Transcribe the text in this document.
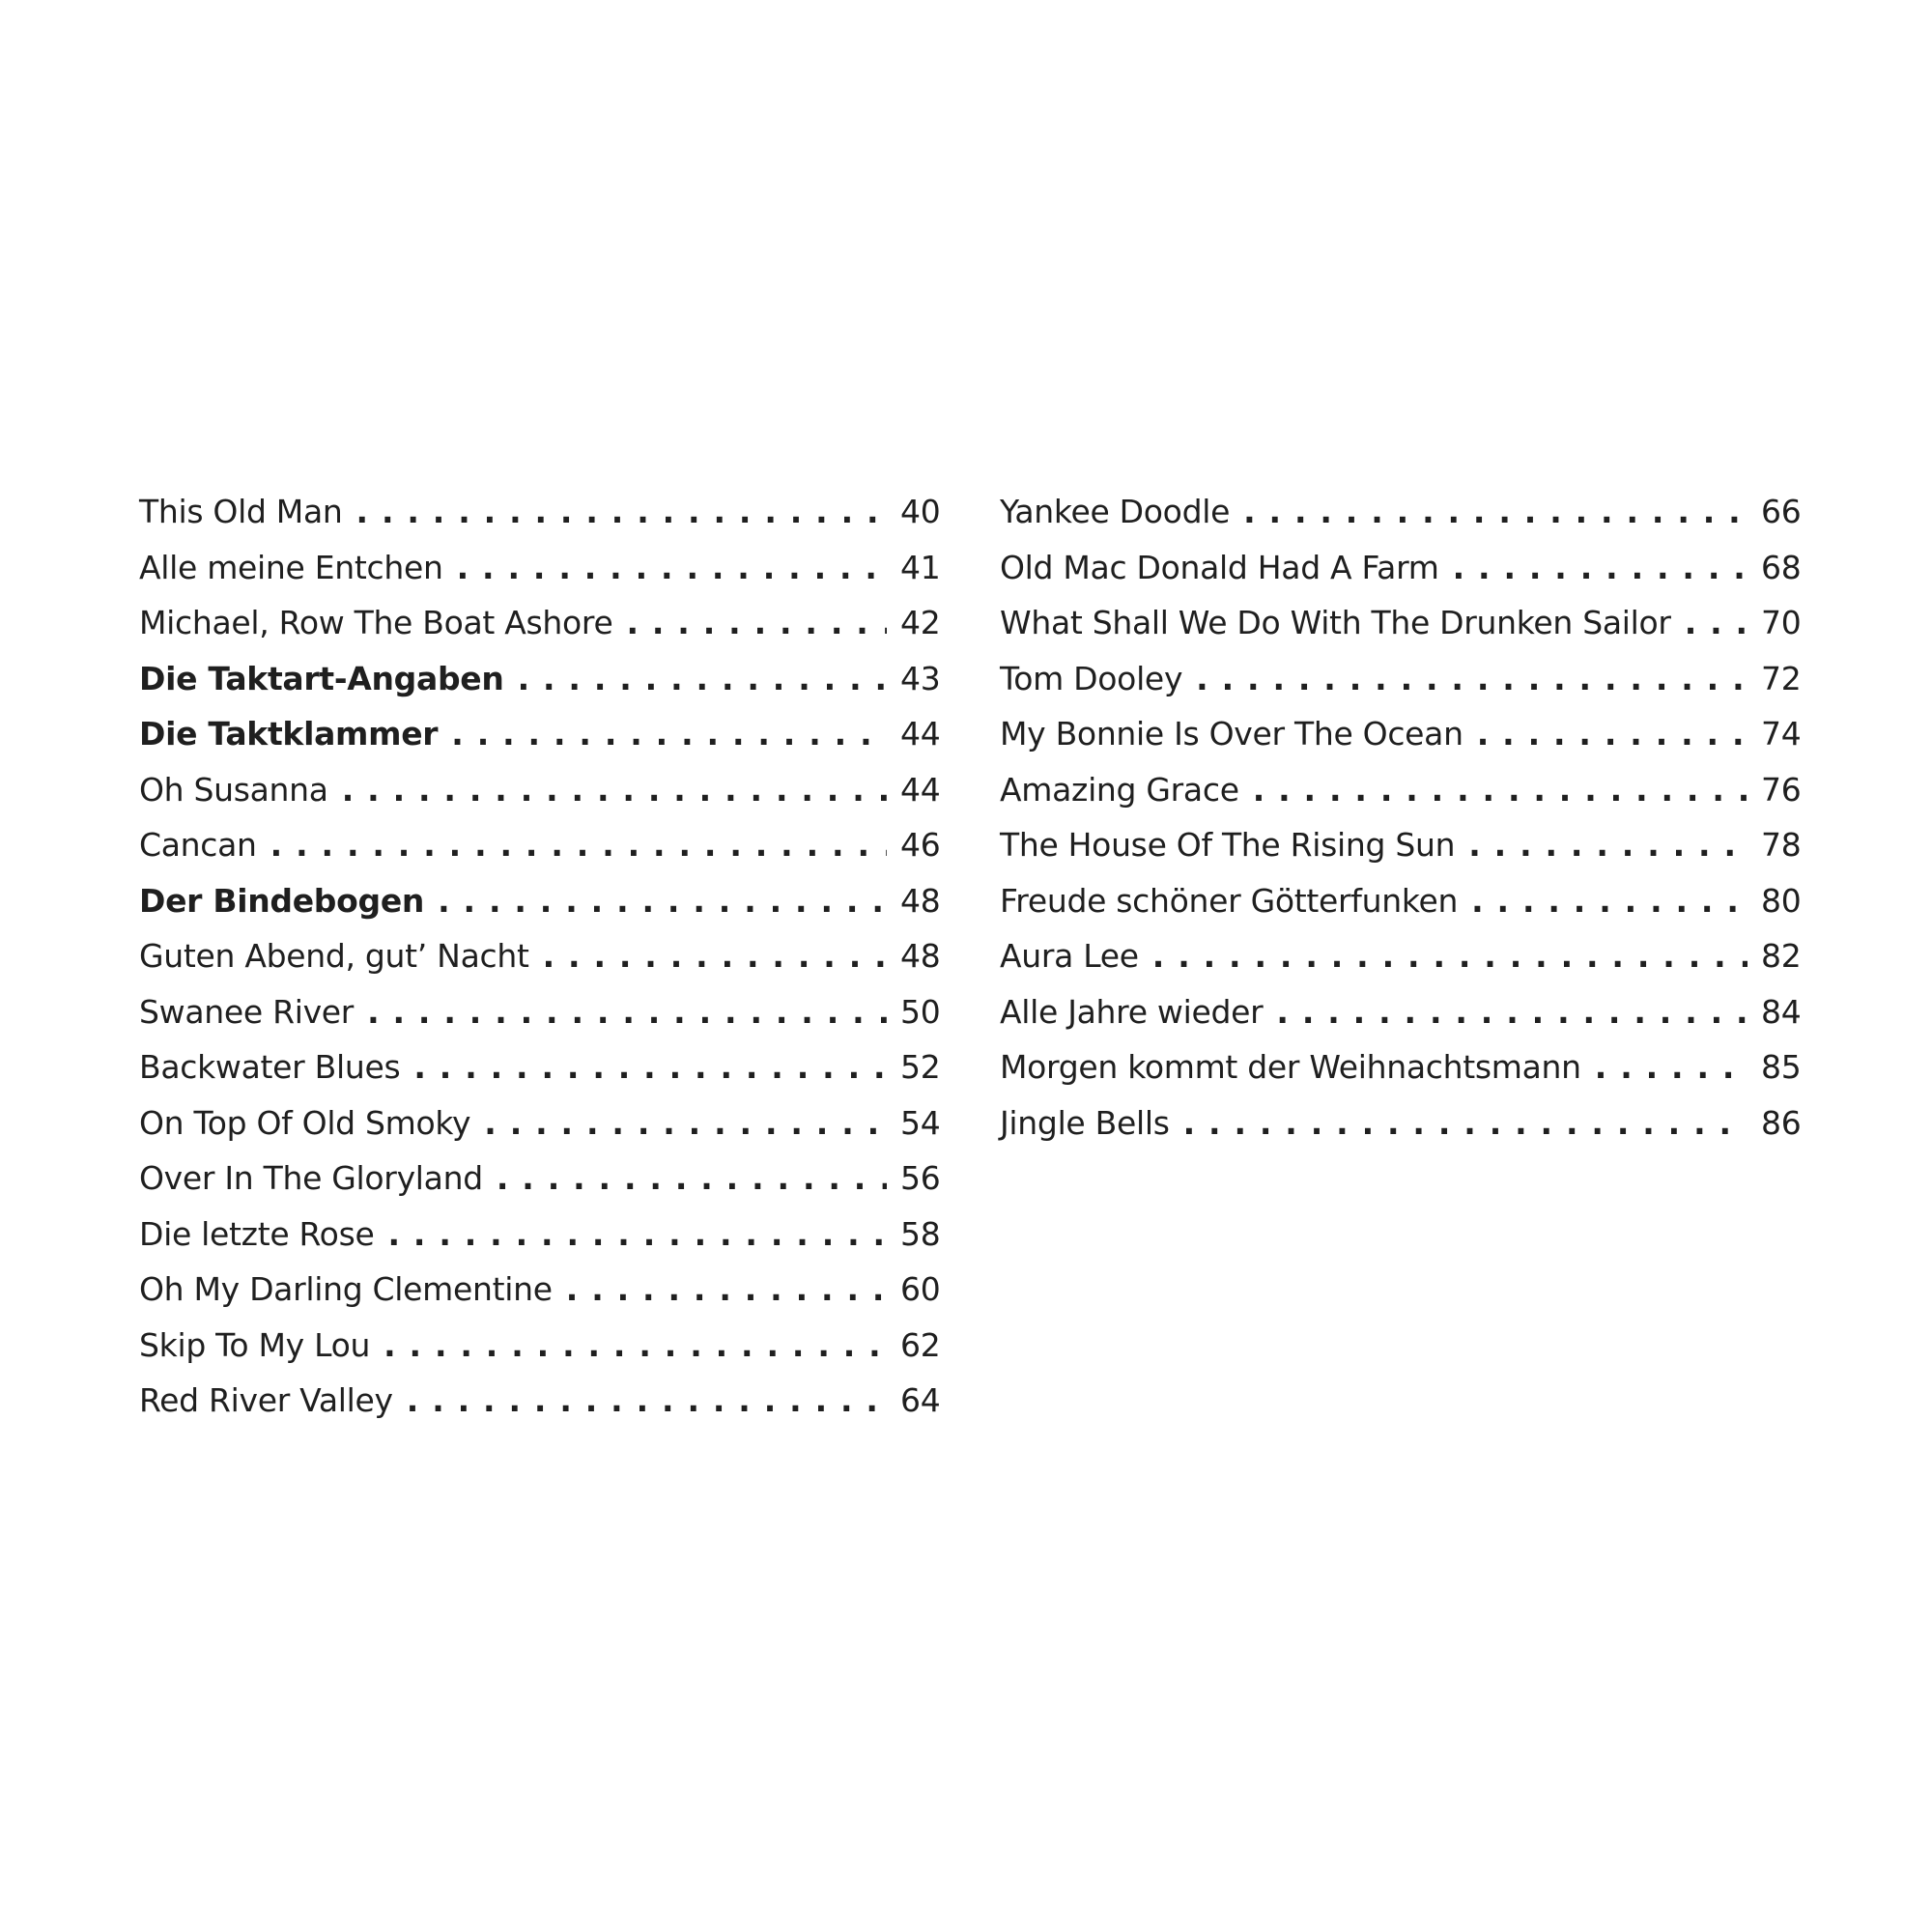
This Old Man . . .	40
Alle meine Entchen . . .	41
Michael, Row The Boat Ashore . . .	42
Die Taktart-Angaben . . .	43
Die Taktklammer . . .	44
Oh Susanna . . .	44
Cancan . . .	46
Der Bindebogen . . .	48
Guten Abend, gut’ Nacht . . .	48
Swanee River . . .	50
Backwater Blues . . .	52
On Top Of Old Smoky . . .	54
Over In The Gloryland . . .	56
Die letzte Rose . . .	58
Oh My Darling Clementine . . .	60
Skip To My Lou . . .	62
Red River Valley . . .	64
Yankee Doodle . . .	66
Old Mac Donald Had A Farm . . .	68
What Shall We Do With The Drunken Sailor . . .	70
Tom Dooley . . .	72
My Bonnie Is Over The Ocean . . .	74
Amazing Grace . . .	76
The House Of The Rising Sun . . .	78
Freude schöner Götterfunken . . .	80
Aura Lee . . .	82
Alle Jahre wieder . . .	84
Morgen kommt der Weihnachtsmann . . .	85
Jingle Bells . . .	86
